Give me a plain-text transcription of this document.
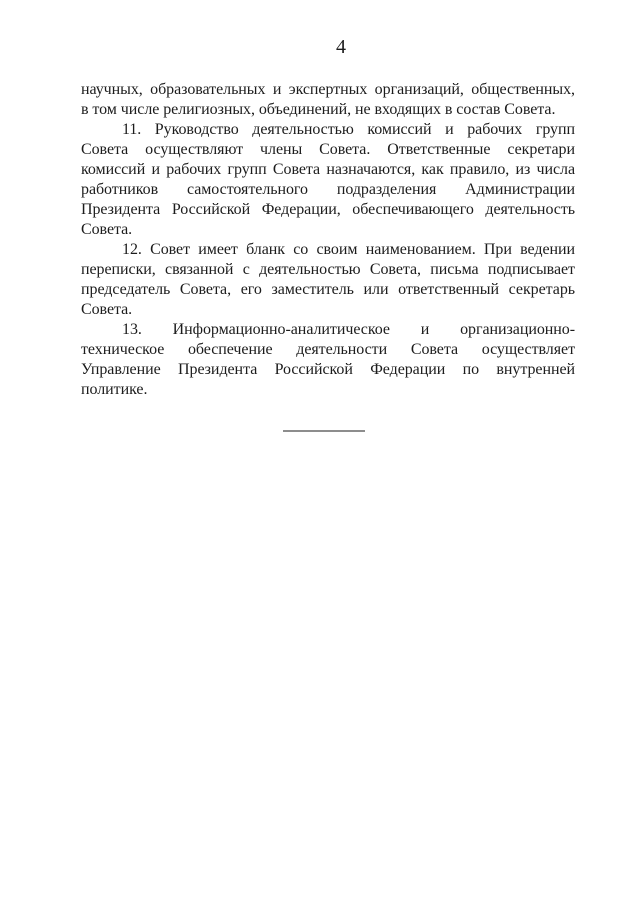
4
научных, образовательных и экспертных организаций, общественных,
в том числе религиозных, объединений, не входящих в состав Совета.
11. Руководство деятельностью комиссий и рабочих групп
Совета осуществляют члены Совета. Ответственные секретари
комиссий и рабочих групп Совета назначаются, как правило, из числа
работников самостоятельного подразделения Администрации
Президента Российской Федерации, обеспечивающего деятельность
Совета.
12. Совет имеет бланк со своим наименованием. При ведении
переписки, связанной с деятельностью Совета, письма подписывает
председатель Совета, его заместитель или ответственный секретарь
Совета.
13. Информационно-аналитическое и организационно-
техническое обеспечение деятельности Совета осуществляет
Управление Президента Российской Федерации по внутренней
политике.
